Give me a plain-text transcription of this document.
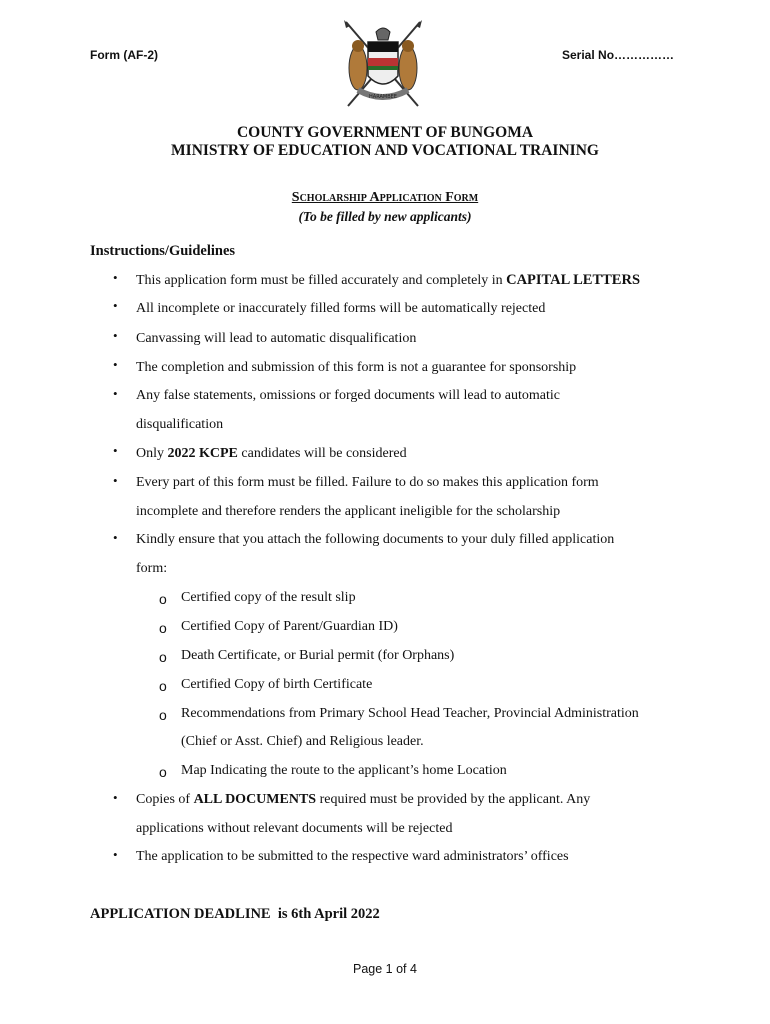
Form (AF-2)	Serial No……………
HARAMBEE
COUNTY GOVERNMENT OF BUNGOMA
MINISTRY OF EDUCATION AND VOCATIONAL TRAINING
Scholarship Application Form
(To be filled by new applicants)
Instructions/Guidelines
• This application form must be filled accurately and completely in CAPITAL LETTERS
• All incomplete or inaccurately filled forms will be automatically rejected
• Canvassing will lead to automatic disqualification
• The completion and submission of this form is not a guarantee for sponsorship
• Any false statements, omissions or forged documents will lead to automatic
disqualification
• Only 2022 KCPE candidates will be considered
• Every part of this form must be filled. Failure to do so makes this application form
incomplete and therefore renders the applicant ineligible for the scholarship
• Kindly ensure that you attach the following documents to your duly filled application
form:
o Certified copy of the result slip
o Certified Copy of Parent/Guardian ID)
o Death Certificate, or Burial permit (for Orphans)
o Certified Copy of birth Certificate
o Recommendations from Primary School Head Teacher, Provincial Administration
(Chief or Asst. Chief) and Religious leader.
o Map Indicating the route to the applicant’s home Location
• Copies of ALL DOCUMENTS required must be provided by the applicant. Any
applications without relevant documents will be rejected
• The application to be submitted to the respective ward administrators’ offices
APPLICATION DEADLINE  is 6th April 2022
Page 1 of 4
